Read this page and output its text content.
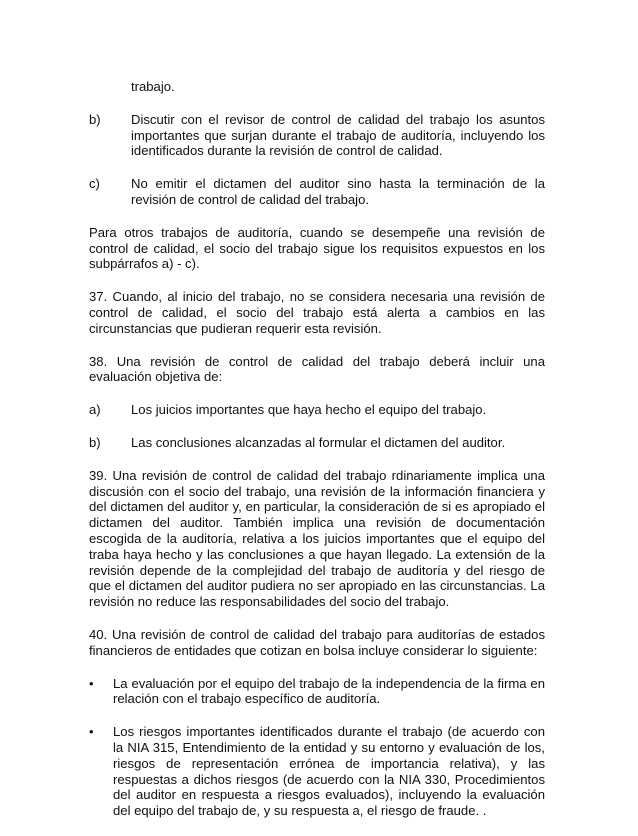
trabajo.

b)	Discutir con el revisor de control de calidad del trabajo los asuntos importantes que surjan durante el trabajo de auditoría, incluyendo los identificados durante la revisión de control de calidad.
c)	No emitir el dictamen del auditor sino hasta la terminación de la revisión de control de calidad del trabajo.

Para otros trabajos de auditoría, cuando se desempeñe una revisión de control de calidad, el socio del trabajo sigue los requisitos expuestos en los subpárrafos a) - c).

37. Cuando, al inicio del trabajo, no se considera necesaria una revisión de control de calidad, el socio del trabajo está alerta a cambios en las circunstancias que pudieran requerir esta revisión.

38. Una revisión de control de calidad del trabajo deberá incluir una evaluación objetiva de:

a)	Los juicios importantes que haya hecho el equipo del trabajo.
b)	Las conclusiones alcanzadas al formular el dictamen del auditor.

39. Una revisión de control de calidad del trabajo rdinariamente implica una discusión con el socio del trabajo, una revisión de la información financiera y del dictamen del auditor y, en particular, la consideración de si es apropiado el dictamen del auditor. También implica una revisión de documentación escogida de la auditoría, relativa a los juicios importantes que el equipo del traba haya hecho y las conclusiones a que hayan llegado. La extensión de la revisión depende de la complejidad del trabajo de auditoría y del riesgo de que el dictamen del auditor pudiera no ser apropiado en las circunstancias. La revisión no reduce las responsabilidades del socio del trabajo.

40. Una revisión de control de calidad del trabajo para auditorías de estados financieros de entidades que cotizan en bolsa incluye considerar lo siguiente:

•	La evaluación por el equipo del trabajo de la independencia de la firma en relación con el trabajo específico de auditoría.
•	Los riesgos importantes identificados durante el trabajo (de acuerdo con la NIA 315, Entendimiento de la entidad y su entorno y evaluación de los, riesgos de representación errónea de importancia relativa), y las respuestas a dichos riesgos (de acuerdo con la NIA 330, Procedimientos del auditor en respuesta a riesgos evaluados), incluyendo la evaluación del equipo del trabajo de, y su respuesta a, el riesgo de fraude. .
